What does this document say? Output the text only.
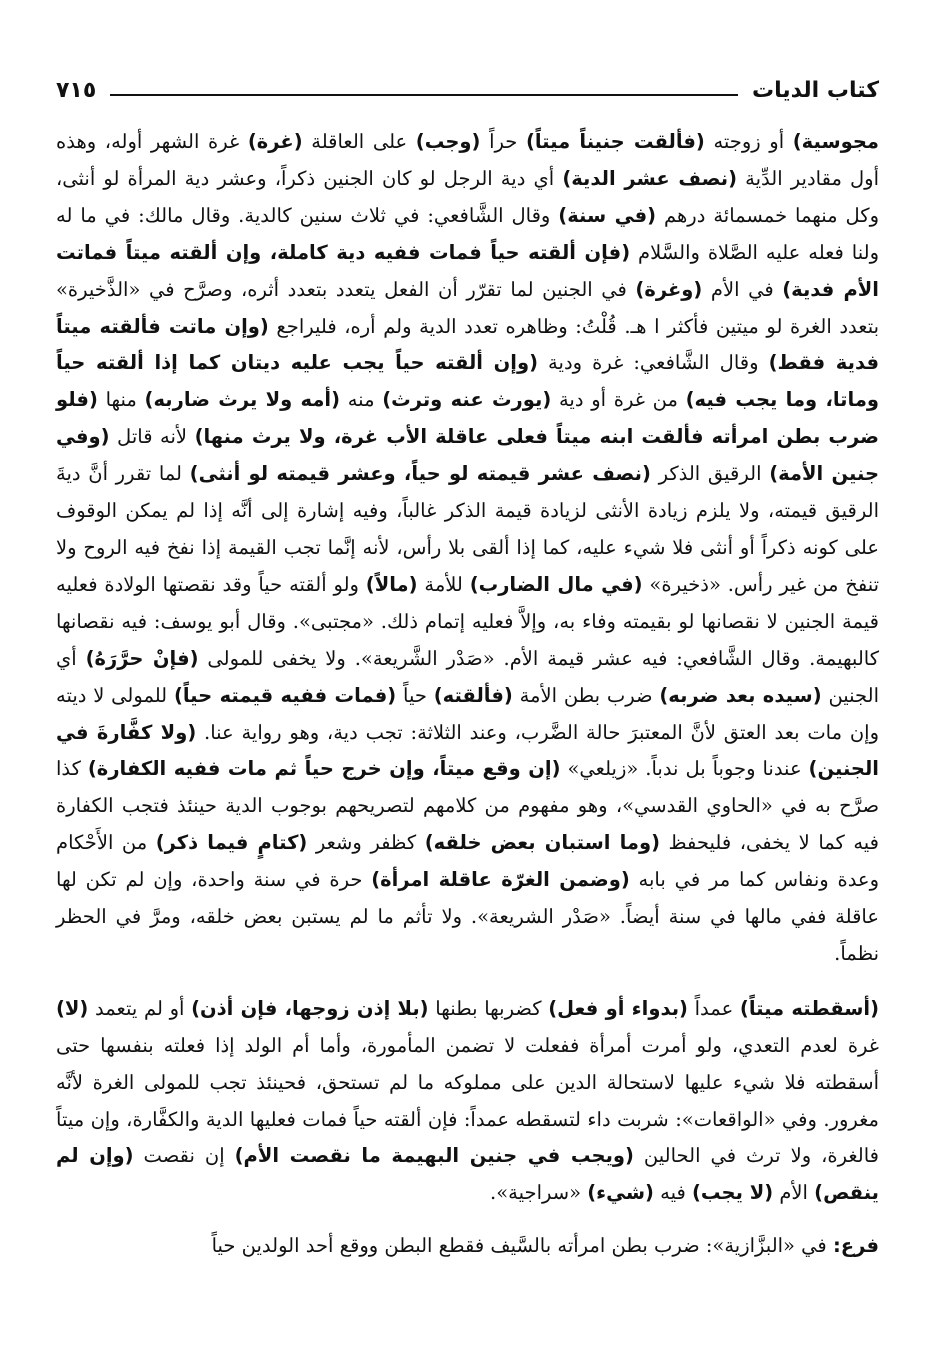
كتاب الديات
٧١٥

مجوسية) أو زوجته (فألقت جنيناً ميتاً) حراً (وجب) على العاقلة (غرة) غرة الشهر أوله، وهذه أول مقادير الدِّية (نصف عشر الدية) أي دية الرجل لو كان الجنين ذكراً، وعشر دية المرأة لو أنثى، وكل منهما خمسمائة درهم (في سنة) وقال الشَّافعي: في ثلاث سنين كالدية. وقال مالك: في ما له ولنا فعله عليه الصَّلاة والسَّلام (فإن ألقته حياً فمات ففيه دية كاملة، وإن ألقته ميتاً فماتت الأم فدية) في الأم (وغرة) في الجنين لما تقرّر أن الفعل يتعدد بتعدد أثره، وصرَّح في «الذَّخيرة» بتعدد الغرة لو ميتين فأكثر ا هـ. قُلْتُ: وظاهره تعدد الدية ولم أره، فليراجع (وإن ماتت فألقته ميتاً فدية فقط) وقال الشَّافعي: غرة ودية (وإن ألقته حياً يجب عليه ديتان كما إذا ألقته حياً وماتا، وما يجب فيه) من غرة أو دية (يورث عنه وترث) منه (أمه ولا يرث ضاربه) منها (فلو ضرب بطن امرأته فألقت ابنه ميتاً فعلى عاقلة الأب غرة، ولا يرث منها) لأنه قاتل (وفي جنين الأمة) الرقيق الذكر (نصف عشر قيمته لو حياً، وعشر قيمته لو أنثى) لما تقرر أنَّ ديةَ الرقيق قيمته، ولا يلزم زيادة الأنثى لزيادة قيمة الذكر غالباً، وفيه إشارة إلى أنَّه إذا لم يمكن الوقوف على كونه ذكراً أو أنثى فلا شيء عليه، كما إذا ألقى بلا رأس، لأنه إنَّما تجب القيمة إذا نفخ فيه الروح ولا تنفخ من غير رأس. «ذخيرة» (في مال الضارب) للأمة (مالاً) ولو ألقته حياً وقد نقصتها الولادة فعليه قيمة الجنين لا نقصانها لو بقيمته وفاء به، وإلاَّ فعليه إتمام ذلك. «مجتبى». وقال أبو يوسف: فيه نقصانها كالبهيمة. وقال الشَّافعي: فيه عشر قيمة الأم. «صَدْر الشَّريعة». ولا يخفى للمولى (فإنْ حرَّرَهُ) أي الجنين (سيده بعد ضربه) ضرب بطن الأمة (فألقته) حياً (فمات ففيه قيمته حياً) للمولى لا ديته وإن مات بعد العتق لأنَّ المعتبرَ حالة الضَّرب، وعند الثلاثة: تجب دية، وهو رواية عنا. (ولا كفَّارةَ في الجنين) عندنا وجوباً بل ندباً. «زيلعي» (إن وقع ميتاً، وإن خرج حياً ثم مات ففيه الكفارة) كذا صرَّح به في «الحاوي القدسي»، وهو مفهوم من كلامهم لتصريحهم بوجوب الدية حينئذ فتجب الكفارة فيه كما لا يخفى، فليحفظ (وما استبان بعض خلقه) كظفر وشعر (كتامٍ فيما ذكر) من الأَحْكام وعدة ونفاس كما مر في بابه (وضمن الغرّة عاقلة امرأة) حرة في سنة واحدة، وإن لم تكن لها عاقلة ففي مالها في سنة أيضاً. «صَدْر الشريعة». ولا تأثم ما لم يستبن بعض خلقه، ومرَّ في الحظر نظماً.

(أسقطته ميتاً) عمداً (بدواء أو فعل) كضربها بطنها (بلا إذن زوجها، فإن أذن) أو لم يتعمد (لا) غرة لعدم التعدي، ولو أمرت أمرأة ففعلت لا تضمن المأمورة، وأما أم الولد إذا فعلته بنفسها حتى أسقطته فلا شيء عليها لاستحالة الدين على مملوكه ما لم تستحق، فحينئذ تجب للمولى الغرة لأنَّه مغرور. وفي «الواقعات»: شربت داء لتسقطه عمداً: فإن ألقته حياً فمات فعليها الدية والكفَّارة، وإن ميتاً فالغرة، ولا ترث في الحالين (ويجب في جنين البهيمة ما نقصت الأم) إن نقصت (وإن لم ينقص) الأم (لا يجب) فيه (شيء) «سراجية».

فرع: في «البزَّازية»: ضرب بطن امرأته بالسَّيف فقطع البطن ووقع أحد الولدين حياً
